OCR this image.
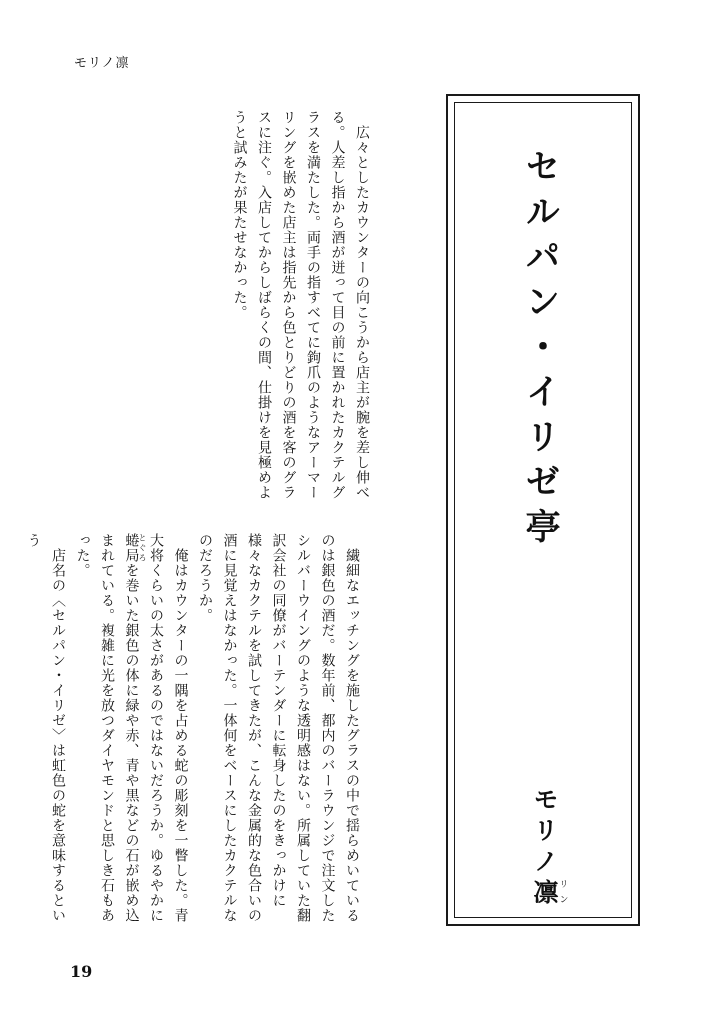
モリノ凛

　広々としたカウンターの向こうから店主が腕を差し伸べる。人差し指から酒が迸って目の前に置かれたカクテルグラスを満たした。両手の指すべてに鉤爪のようなアーマーリングを嵌めた店主は指先から色とりどりの酒を客のグラスに注ぐ。入店してからしばらくの間、仕掛けを見極めようと試みたが果たせなかった。

　繊細なエッチングを施したグラスの中で揺らめいているのは銀色の酒だ。数年前、都内のバーラウンジで注文したシルバーウイングのような透明感はない。所属していた翻訳会社の同僚がバーテンダーに転身したのをきっかけに様々なカクテルを試してきたが、こんな金属的な色合いの酒に見覚えはなかった。一体何をベースにしたカクテルなのだろうか。

　俺はカウンターの一隅を占める蛇の彫刻を一瞥した。青大将くらいの太さがあるのではないだろうか。ゆるやかに蜷局とぐろを巻いた銀色の体に緑や赤、青や黒などの石が嵌め込まれている。複雑に光を放つダイヤモンドと思しき石もあった。

　店名の〈セルパン・イリゼ〉は虹色の蛇を意味するという	セルパン・イリゼ亭
モリノ凛リン
19
